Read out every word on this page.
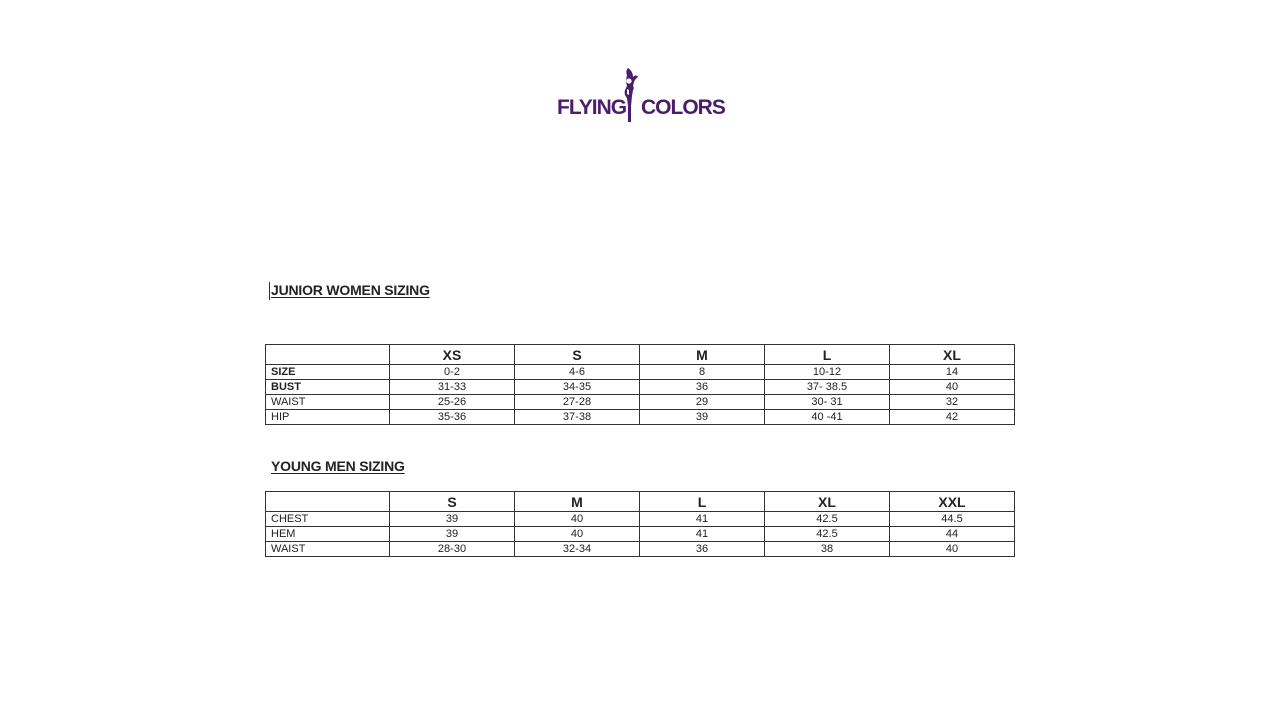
FLYING COLORS
JUNIOR WOMEN SIZING
	XS	S	M	L	XL
SIZE	0-2	4-6	8	10-12	14
BUST	31-33	34-35	36	37- 38.5	40
WAIST	25-26	27-28	29	30- 31	32
HIP	35-36	37-38	39	40 -41	42
YOUNG MEN SIZING
	S	M	L	XL	XXL
CHEST	39	40	41	42.5	44.5
HEM	39	40	41	42.5	44
WAIST	28-30	32-34	36	38	40
